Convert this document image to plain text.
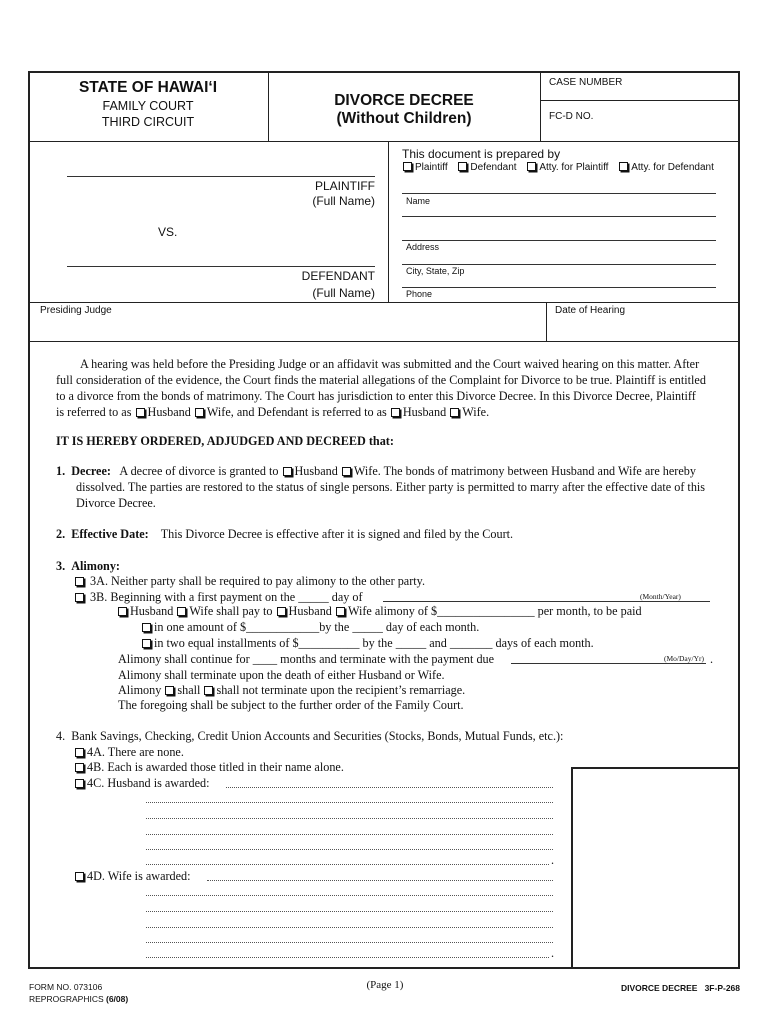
STATE OF HAWAI‘I
FAMILY COURT
THIRD CIRCUIT
DIVORCE DECREE
(Without Children)
CASE NUMBER
FC-D NO.
PLAINTIFF
(Full Name)
VS.
DEFENDANT
(Full Name)
This document is prepared by
Plaintiff Defendant Atty. for Plaintiff Atty. for Defendant
Name
Address
City, State, Zip
Phone
Presiding Judge	Date of Hearing
A hearing was held before the Presiding Judge or an affidavit was submitted and the Court waived hearing on this matter. After
full consideration of the evidence, the Court finds the material allegations of the Complaint for Divorce to be true. Plaintiff is entitled
to a divorce from the bonds of matrimony. The Court has jurisdiction to enter this Divorce Decree. In this Divorce Decree, Plaintiff
is referred to as Husband Wife, and Defendant is referred to as Husband Wife.
IT IS HEREBY ORDERED, ADJUDGED AND DECREED that:
1. Decree: A decree of divorce is granted to Husband Wife. The bonds of matrimony between Husband and Wife are hereby
dissolved. The parties are restored to the status of single persons. Either party is permitted to marry after the effective date of this
Divorce Decree.
2. Effective Date: This Divorce Decree is effective after it is signed and filed by the Court.
3. Alimony:
3A. Neither party shall be required to pay alimony to the other party.
3B. Beginning with a first payment on the _____ day of	(Month/Year)
Husband Wife shall pay to Husband Wife alimony of $________________ per month, to be paid
in one amount of $____________by the _____ day of each month.
in two equal installments of $__________ by the _____ and _______ days of each month.
Alimony shall continue for ____ months and terminate with the payment due	(Mo/Day/Yr) .
Alimony shall terminate upon the death of either Husband or Wife.
Alimony shall shall not terminate upon the recipient’s remarriage.
The foregoing shall be subject to the further order of the Family Court.
4. Bank Savings, Checking, Credit Union Accounts and Securities (Stocks, Bonds, Mutual Funds, etc.):
4A. There are none.
4B. Each is awarded those titled in their name alone.
4C. Husband is awarded:
.
4D. Wife is awarded:
.
FORM NO. 073106
REPROGRAPHICS (6/08)
(Page 1)	DIVORCE DECREE   3F-P-268
